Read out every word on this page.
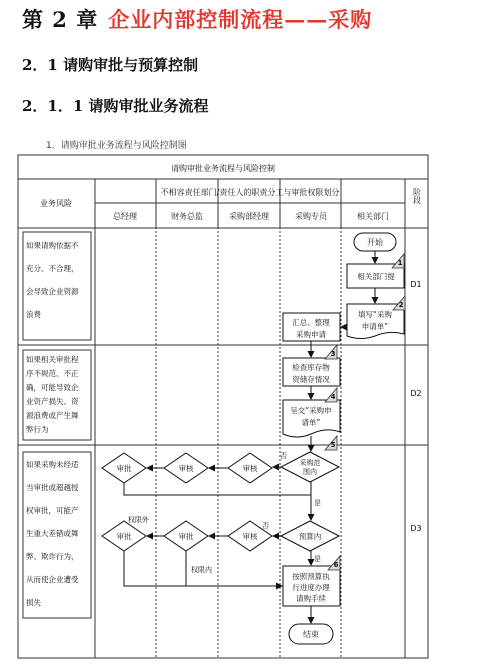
第 2 章 企业内部控制流程——采购
2．1 请购审批与预算控制
2．1．1 请购审批业务流程
1．请购审批业务流程与风险控制图
请购审批业务流程与风险控制
业务风险
不相容责任部门/责任人的职责分工与审批权限划分	阶段
总经理	财务总监	采购部经理	采购专员	相关部门
如果请购依据不
充分、不合理，
会导致企业资源
浪费
如果相关审批程
序不规范、不正
确，可能导致企
业资产损失、资
源浪费或产生舞
弊行为
如果采购未经适
当审批或超越授
权审批，可能产
生重大差错或舞
弊、欺诈行为，
从而使企业遭受
损失
D1
D2
D3
1
2
3
4
5
6
开始
相关部门提
填写“采购
申请单”
汇总、整理
采购申请
检查库存物
资储存情况
呈交“采购申
请单”
采购范
围内
预算内
按照预算执
行进度办理
请购手续
结束
审核
审核
审批
审核
审批
审批
否
是
否
是
权限外
权限内
